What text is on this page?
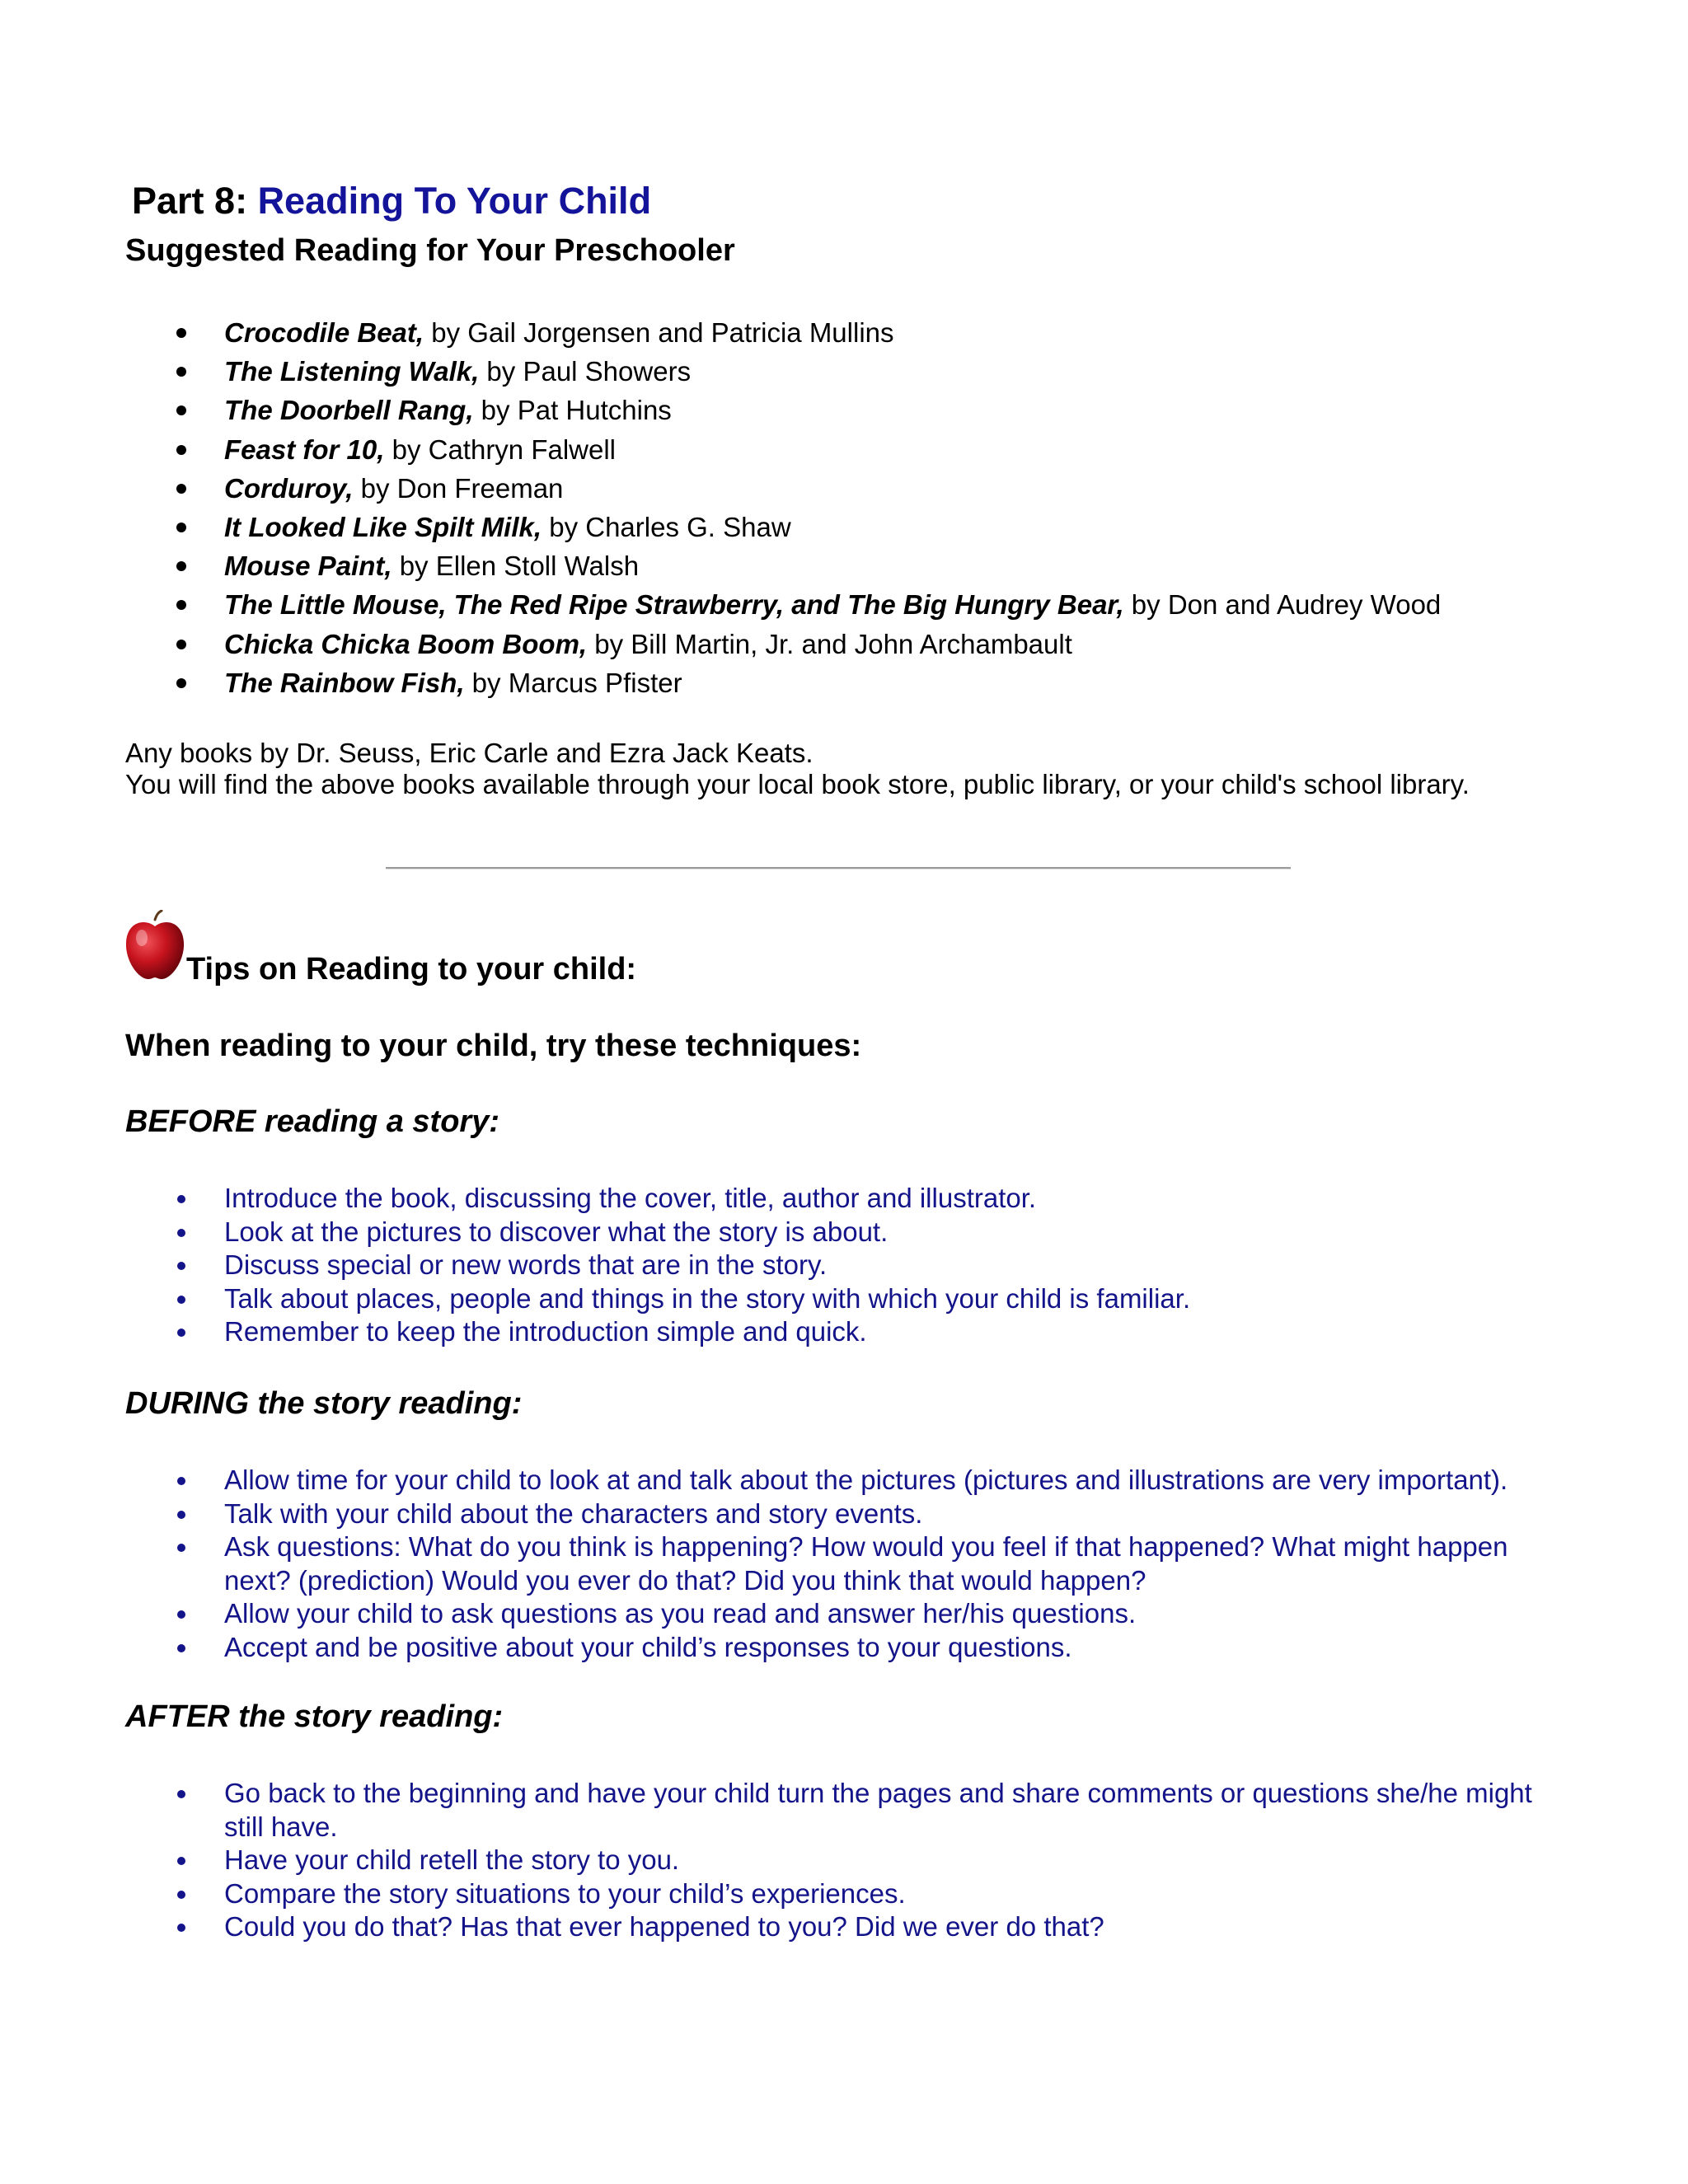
Part 8: Reading To Your Child
Suggested Reading for Your Preschooler
Crocodile Beat, by Gail Jorgensen and Patricia Mullins
The Listening Walk, by Paul Showers
The Doorbell Rang, by Pat Hutchins
Feast for 10, by Cathryn Falwell
Corduroy, by Don Freeman
It Looked Like Spilt Milk, by Charles G. Shaw
Mouse Paint, by Ellen Stoll Walsh
The Little Mouse, The Red Ripe Strawberry, and The Big Hungry Bear, by Don and Audrey Wood
Chicka Chicka Boom Boom, by Bill Martin, Jr. and John Archambault
The Rainbow Fish, by Marcus Pfister

Any books by Dr. Seuss, Eric Carle and Ezra Jack Keats.

You will find the above books available through your local book store, public library, or your child's school library.

Tips on Reading to your child:
When reading to your child, try these techniques:
BEFORE reading a story:
Introduce the book, discussing the cover, title, author and illustrator.
Look at the pictures to discover what the story is about.
Discuss special or new words that are in the story.
Talk about places, people and things in the story with which your child is familiar.
Remember to keep the introduction simple and quick.
DURING the story reading:
Allow time for your child to look at and talk about the pictures (pictures and illustrations are very important).
Talk with your child about the characters and story events.
Ask questions: What do you think is happening? How would you feel if that happened? What might happen next? (prediction) Would you ever do that? Did you think that would happen?
Allow your child to ask questions as you read and answer her/his questions.
Accept and be positive about your child’s responses to your questions.
AFTER the story reading:
Go back to the beginning and have your child turn the pages and share comments or questions she/he might still have.
Have your child retell the story to you.
Compare the story situations to your child’s experiences.
Could you do that? Has that ever happened to you? Did we ever do that?
